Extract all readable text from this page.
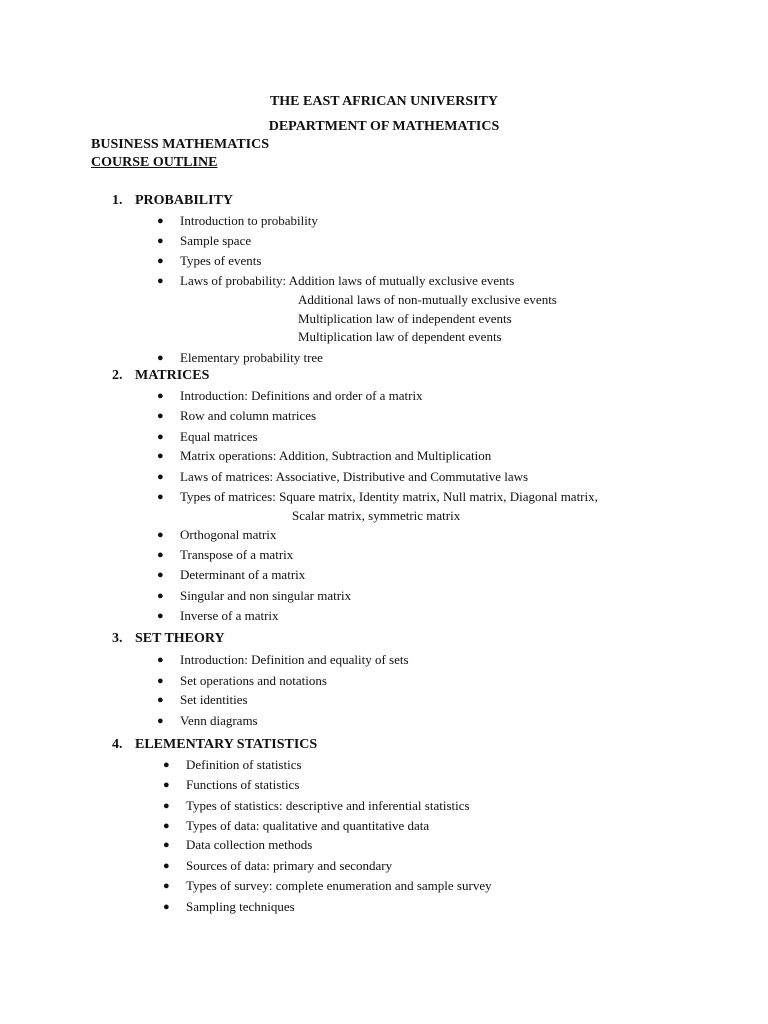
THE EAST AFRICAN UNIVERSITY
DEPARTMENT OF MATHEMATICS
BUSINESS MATHEMATICS
COURSE OUTLINE
1. PROBABILITY
● Introduction to probability
● Sample space
● Types of events
● Laws of probability: Addition laws of mutually exclusive events
Additional laws of non-mutually exclusive events
Multiplication law of independent events
Multiplication law of dependent events
● Elementary probability tree
2. MATRICES
● Introduction: Definitions and order of a matrix
● Row and column matrices
● Equal matrices
● Matrix operations: Addition, Subtraction and Multiplication
● Laws of matrices: Associative, Distributive and Commutative laws
● Types of matrices: Square matrix, Identity matrix, Null matrix, Diagonal matrix,
Scalar matrix, symmetric matrix
● Orthogonal matrix
● Transpose of a matrix
● Determinant of a matrix
● Singular and non singular matrix
● Inverse of a matrix
3. SET THEORY
● Introduction: Definition and equality of sets
● Set operations and notations
● Set identities
● Venn diagrams
4. ELEMENTARY STATISTICS
● Definition of statistics
● Functions of statistics
● Types of statistics: descriptive and inferential statistics
● Types of data: qualitative and quantitative data
● Data collection methods
● Sources of data: primary and secondary
● Types of survey: complete enumeration and sample survey
● Sampling techniques
